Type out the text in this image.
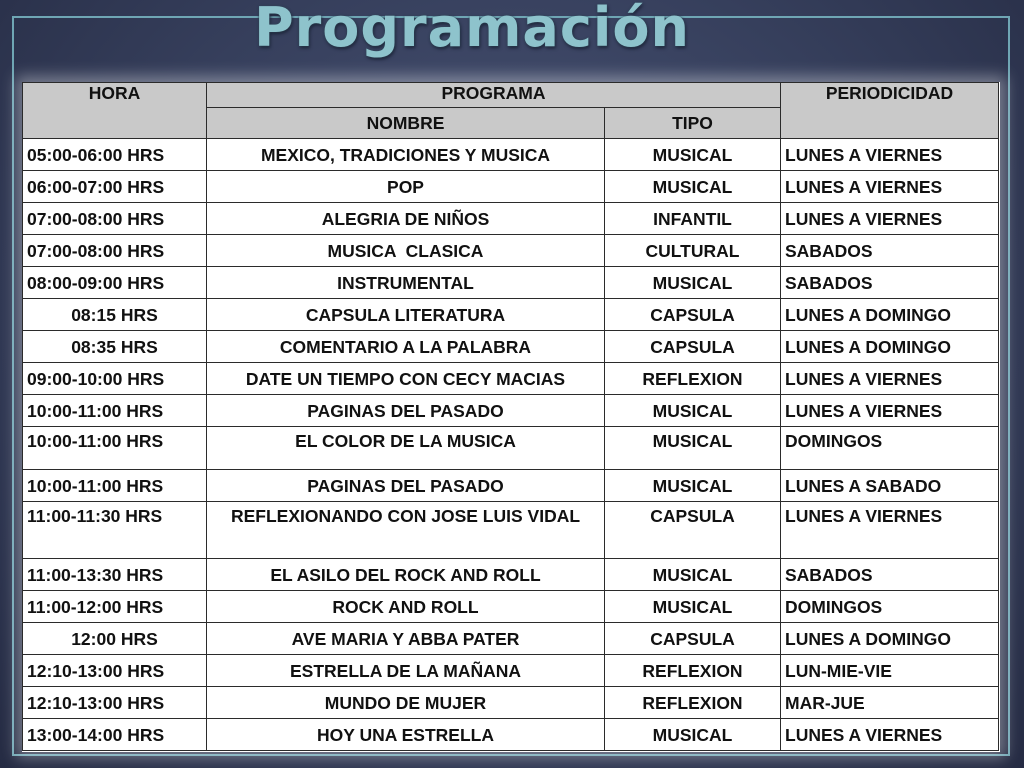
Programación
HORA	PROGRAMA		PERIODICIDAD
	NOMBRE	TIPO	
05:00-06:00 HRS	MEXICO, TRADICIONES Y MUSICA	MUSICAL	LUNES A VIERNES
06:00-07:00 HRS	POP	MUSICAL	LUNES A VIERNES
07:00-08:00 HRS	ALEGRIA DE NIÑOS	INFANTIL	LUNES A VIERNES
07:00-08:00 HRS	MUSICA  CLASICA	CULTURAL	SABADOS
08:00-09:00 HRS	INSTRUMENTAL	MUSICAL	SABADOS
08:15 HRS	CAPSULA LITERATURA	CAPSULA	LUNES A DOMINGO
08:35 HRS	COMENTARIO A LA PALABRA	CAPSULA	LUNES A DOMINGO
09:00-10:00 HRS	DATE UN TIEMPO CON CECY MACIAS	REFLEXION	LUNES A VIERNES
10:00-11:00 HRS	PAGINAS DEL PASADO	MUSICAL	LUNES A VIERNES
10:00-11:00 HRS	EL COLOR DE LA MUSICA	MUSICAL	DOMINGOS
10:00-11:00 HRS	PAGINAS DEL PASADO	MUSICAL	LUNES A SABADO
11:00-11:30 HRS	REFLEXIONANDO CON JOSE LUIS VIDAL	CAPSULA	LUNES A VIERNES
11:00-13:30 HRS	EL ASILO DEL ROCK AND ROLL	MUSICAL	SABADOS
11:00-12:00 HRS	ROCK AND ROLL	MUSICAL	DOMINGOS
12:00 HRS	AVE MARIA Y ABBA PATER	CAPSULA	LUNES A DOMINGO
12:10-13:00 HRS	ESTRELLA DE LA MAÑANA	REFLEXION	LUN-MIE-VIE
12:10-13:00 HRS	MUNDO DE MUJER	REFLEXION	MAR-JUE
13:00-14:00 HRS	HOY UNA ESTRELLA	MUSICAL	LUNES A VIERNES
